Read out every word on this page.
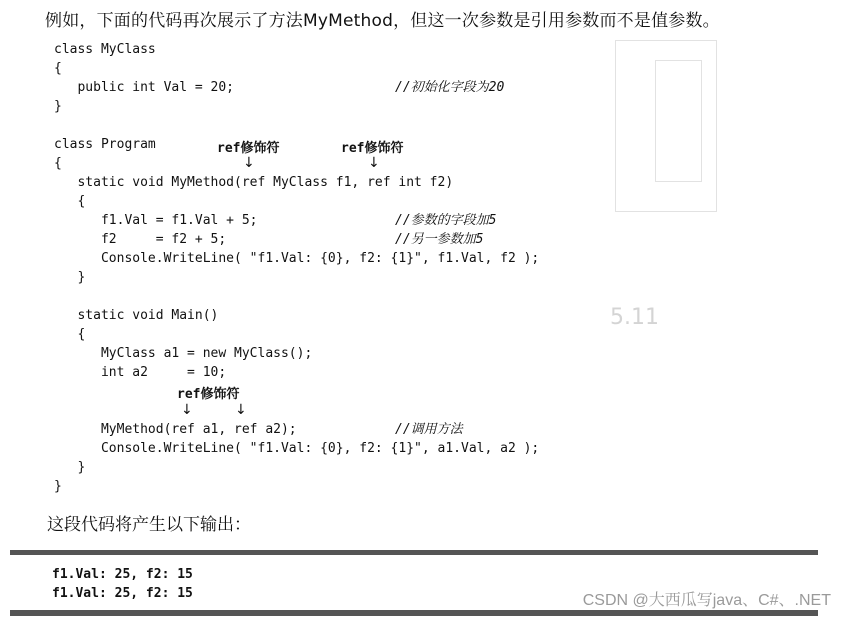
5.11
例如，下面的代码再次展示了方法MyMethod，但这一次参数是引用参数而不是值参数。
class MyClass
{
public int Val = 20;
}
class Program
{
static void MyMethod(ref MyClass f1, ref int f2)
{
f1.Val = f1.Val + 5;
f2     = f2 + 5;
Console.WriteLine( "f1.Val: {0}, f2: {1}", f1.Val, f2 );
}
static void Main()
{
MyClass a1 = new MyClass();
int a2     = 10;
MyMethod(ref a1, ref a2);
Console.WriteLine( "f1.Val: {0}, f2: {1}", a1.Val, a2 );
}
}
//初始化字段为20
//参数的字段加5
//另一参数加5
//调用方法
ref修饰符
↓
ref修饰符
↓
ref修饰符
↓	↓
这段代码将产生以下输出：
f1.Val: 25, f2: 15
f1.Val: 25, f2: 15	CSDN @大西瓜写java、C#、.NET
